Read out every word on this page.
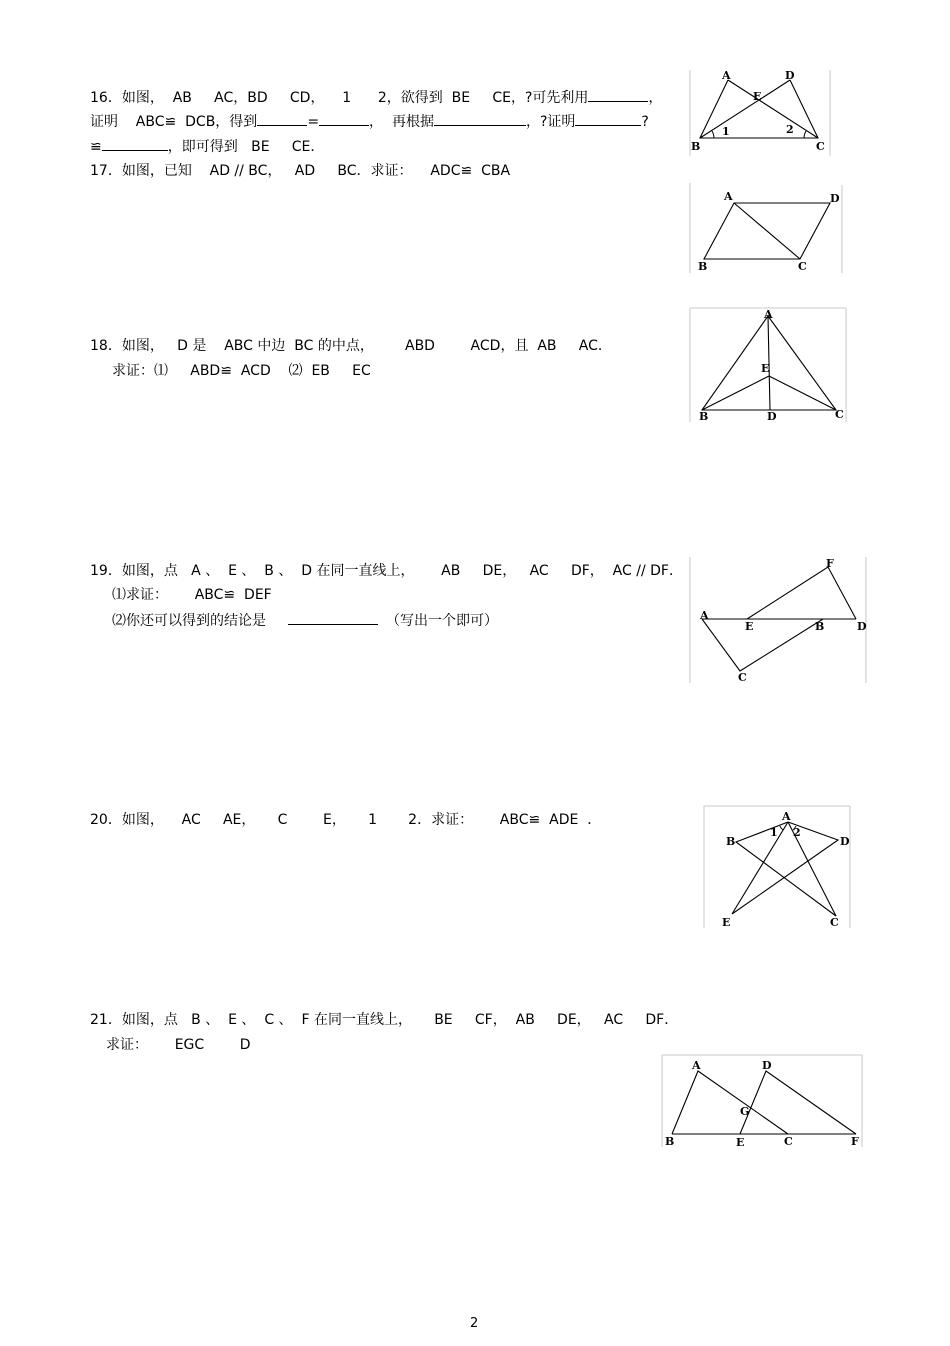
16．如图，  AB     AC，BD     CD，    1      2，欲得到  BE     CE，?可先利用	，
证明    ABC≌  DCB，得到	=	，  再根据	，?证明	?
≌	，即可得到   BE     CE．
A	D
E
B	C
1	2
17．如图，已知    AD // BC，   AD     BC．求证：    ADC≌  CBA
A	D
B	C
18．如图，   D 是    ABC 中边  BC 的中点，       ABD        ACD，且  AB     AC．
求证：⑴     ABD≌  ACD    ⑵  EB     EC
A
E
B	D	C
19．如图，点   A 、  E 、  B 、  D 在同一直线上，      AB     DE，   AC     DF，  AC // DF．
⑴求证：      ABC≌  DEF
⑵你还可以得到的结论是	（写出一个即可）	A
E	B	D
C
F
20．如图，    AC     AE，     C        E，     1       2．求证：      ABC≌  ADE  ．	A
B	D
E	C
1 2
21．如图，点   B 、  E 、  C 、  F 在同一直线上，     BE     CF，  AB     DE，   AC     DF．
求证：      EGC        D
A	D
G
B	E	C	F
2
